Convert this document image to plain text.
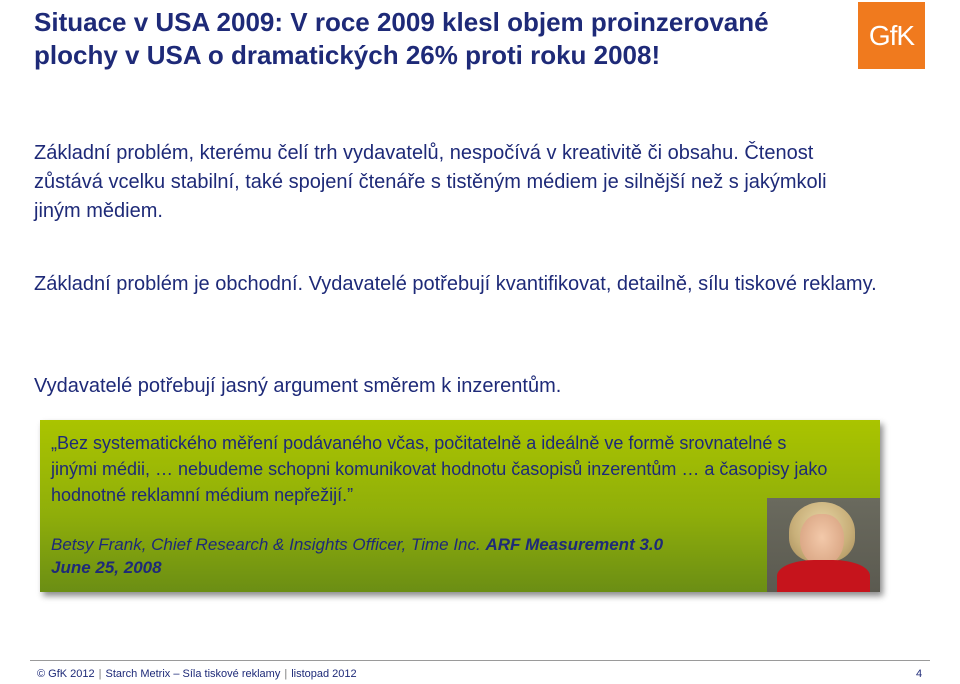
Situace v USA 2009: V roce 2009 klesl objem proinzerované plochy v USA o dramatických 26% proti roku 2008!
GfK

Základní problém, kterému čelí trh vydavatelů, nespočívá v kreativitě či obsahu. Čtenost zůstává vcelku stabilní, také spojení čtenáře s tistěným médiem je silnější než s jakýmkoli jiným mědiem.

Základní problém je obchodní. Vydavatelé potřebují kvantifikovat, detailně, sílu tiskové reklamy.

Vydavatelé potřebují jasný argument směrem k inzerentům.

„Bez systematického měření podávaného včas, počitatelně a ideálně ve formě srovnatelné s jinými médii, … nebudeme schopni komunikovat hodnotu časopisů inzerentům … a časopisy jako hodnotné reklamní médium nepřežijí.”

Betsy Frank, Chief Research & Insights Officer, Time Inc. ARF Measurement 3.0
June 25, 2008
© GfK 2012 | Starch Metrix – Síla tiskové reklamy | listopad 2012	4
